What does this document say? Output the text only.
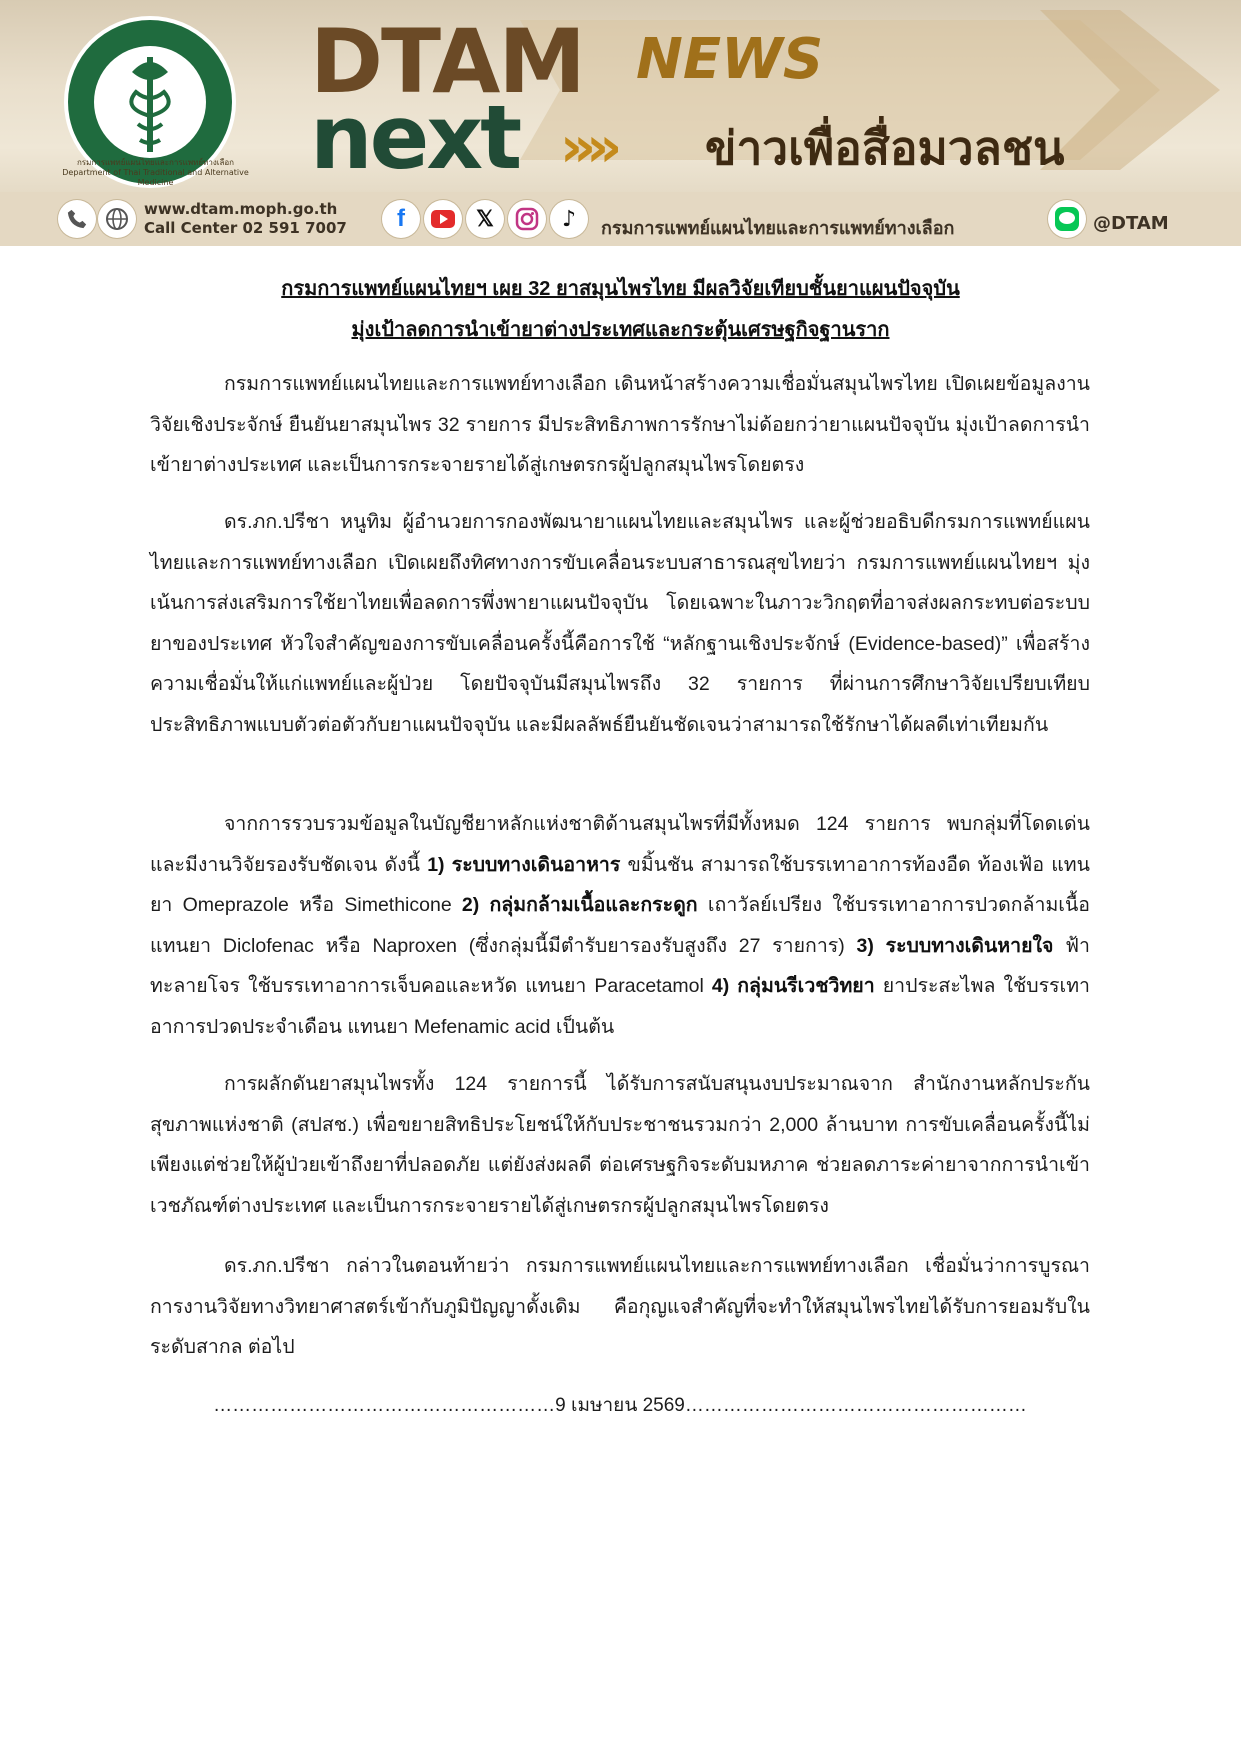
กรมการแพทย์แผนไทยและการแพทย์ทางเลือก
Department of Thai Traditional and Alternative Medicine
DTAM NEWS
next »» ข่าวเพื่อสื่อมวลชน
www.dtam.moph.go.th
Call Center 02 591 7007 f	𝕏	♪ กรมการแพทย์แผนไทยและการแพทย์ทางเลือก	@DTAM
กรมการแพทย์แผนไทยฯ เผย 32 ยาสมุนไพรไทย มีผลวิจัยเทียบชั้นยาแผนปัจจุบัน
มุ่งเป้าลดการนำเข้ายาต่างประเทศและกระตุ้นเศรษฐกิจฐานราก
กรมการแพทย์แผนไทยและการแพทย์ทางเลือก เดินหน้าสร้างความเชื่อมั่นสมุนไพรไทย เปิดเผยข้อมูลงานวิจัยเชิงประจักษ์ ยืนยันยาสมุนไพร 32 รายการ มีประสิทธิภาพการรักษาไม่ด้อยกว่ายาแผนปัจจุบัน มุ่งเป้าลดการนำเข้ายาต่างประเทศ และเป็นการกระจายรายได้สู่เกษตรกรผู้ปลูกสมุนไพรโดยตรง
ดร.ภก.ปรีชา หนูทิม ผู้อำนวยการกองพัฒนายาแผนไทยและสมุนไพร และผู้ช่วยอธิบดีกรมการแพทย์แผนไทยและการแพทย์ทางเลือก เปิดเผยถึงทิศทางการขับเคลื่อนระบบสาธารณสุขไทยว่า กรมการแพทย์แผนไทยฯ มุ่งเน้นการส่งเสริมการใช้ยาไทยเพื่อลดการพึ่งพายาแผนปัจจุบัน โดยเฉพาะในภาวะวิกฤตที่อาจส่งผลกระทบต่อระบบยาของประเทศ หัวใจสำคัญของการขับเคลื่อนครั้งนี้คือการใช้ “หลักฐานเชิงประจักษ์ (Evidence-based)” เพื่อสร้างความเชื่อมั่นให้แก่แพทย์และผู้ป่วย โดยปัจจุบันมีสมุนไพรถึง 32 รายการ ที่ผ่านการศึกษาวิจัยเปรียบเทียบประสิทธิภาพแบบตัวต่อตัวกับยาแผนปัจจุบัน และมีผลลัพธ์ยืนยันชัดเจนว่าสามารถใช้รักษาได้ผลดีเท่าเทียมกัน
จากการรวบรวมข้อมูลในบัญชียาหลักแห่งชาติด้านสมุนไพรที่มีทั้งหมด 124 รายการ พบกลุ่มที่โดดเด่นและมีงานวิจัยรองรับชัดเจน ดังนี้ 1) ระบบทางเดินอาหาร ขมิ้นชัน สามารถใช้บรรเทาอาการท้องอืด ท้องเฟ้อ แทนยา Omeprazole หรือ Simethicone 2) กลุ่มกล้ามเนื้อและกระดูก เถาวัลย์เปรียง ใช้บรรเทาอาการปวดกล้ามเนื้อ แทนยา Diclofenac หรือ Naproxen (ซึ่งกลุ่มนี้มีตำรับยารองรับสูงถึง 27 รายการ) 3) ระบบทางเดินหายใจ ฟ้าทะลายโจร ใช้บรรเทาอาการเจ็บคอและหวัด แทนยา Paracetamol 4) กลุ่มนรีเวชวิทยา ยาประสะไพล ใช้บรรเทาอาการปวดประจำเดือน แทนยา Mefenamic acid เป็นต้น
การผลักดันยาสมุนไพรทั้ง 124 รายการนี้ ได้รับการสนับสนุนงบประมาณจาก สำนักงานหลักประกันสุขภาพแห่งชาติ (สปสช.) เพื่อขยายสิทธิประโยชน์ให้กับประชาชนรวมกว่า 2,000 ล้านบาท การขับเคลื่อนครั้งนี้ไม่เพียงแต่ช่วยให้ผู้ป่วยเข้าถึงยาที่ปลอดภัย แต่ยังส่งผลดี ต่อเศรษฐกิจระดับมหภาค ช่วยลดภาระค่ายาจากการนำเข้าเวชภัณฑ์ต่างประเทศ และเป็นการกระจายรายได้สู่เกษตรกรผู้ปลูกสมุนไพรโดยตรง
ดร.ภก.ปรีชา กล่าวในตอนท้ายว่า กรมการแพทย์แผนไทยและการแพทย์ทางเลือก เชื่อมั่นว่าการบูรณาการงานวิจัยทางวิทยาศาสตร์เข้ากับภูมิปัญญาดั้งเดิม คือกุญแจสำคัญที่จะทำให้สมุนไพรไทยได้รับการยอมรับในระดับสากล ต่อไป
………………………………………………9 เมษายน 2569………………………………………………
